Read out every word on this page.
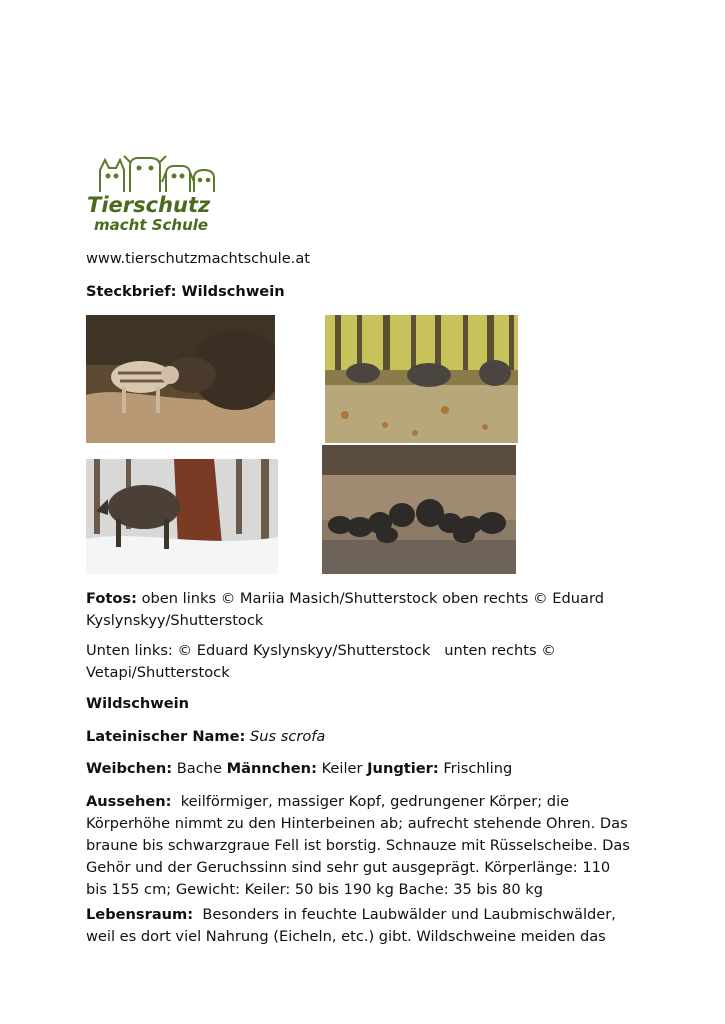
Tierschutz
macht Schule

www.tierschutzmachtschule.at

Steckbrief: Wildschwein

Fotos: oben links © Mariia Masich/Shutterstock oben rechts © Eduard
Kyslynskyy/Shutterstock

Unten links: © Eduard Kyslynskyy/Shutterstock   unten rechts ©
Vetapi/Shutterstock

Wildschwein

Lateinischer Name: Sus scrofa

Weibchen: Bache Männchen: Keiler Jungtier: Frischling

Aussehen:  keilförmiger, massiger Kopf, gedrungener Körper; die
Körperhöhe nimmt zu den Hinterbeinen ab; aufrecht stehende Ohren. Das
braune bis schwarzgraue Fell ist borstig. Schnauze mit Rüsselscheibe. Das
Gehör und der Geruchssinn sind sehr gut ausgeprägt. Körperlänge: 110
bis 155 cm; Gewicht: Keiler: 50 bis 190 kg Bache: 35 bis 80 kg

Lebensraum:  Besonders in feuchte Laubwälder und Laubmischwälder,
weil es dort viel Nahrung (Eicheln, etc.) gibt. Wildschweine meiden das
